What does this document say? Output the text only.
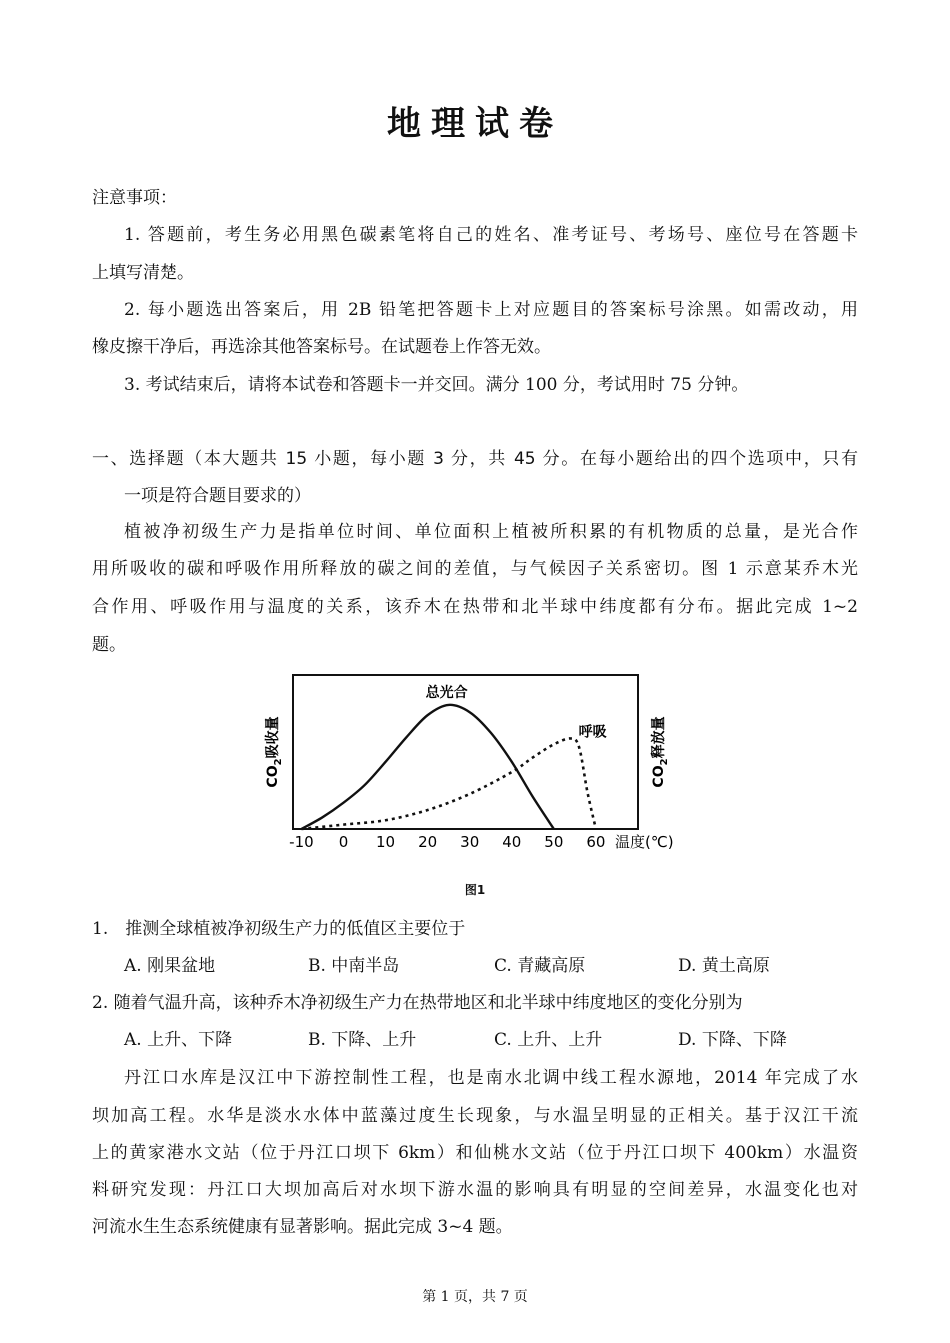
地理试卷
注意事项：
1. 答题前，考生务必用黑色碳素笔将自己的姓名、准考证号、考场号、座位号在答题卡
上填写清楚。
2. 每小题选出答案后，用 2B 铅笔把答题卡上对应题目的答案标号涂黑。如需改动，用
橡皮擦干净后，再选涂其他答案标号。在试题卷上作答无效。
3. 考试结束后，请将本试卷和答题卡一并交回。满分 100 分，考试用时 75 分钟。
一、选择题（本大题共 15 小题，每小题 3 分，共 45 分。在每小题给出的四个选项中，只有
一项是符合题目要求的）
植被净初级生产力是指单位时间、单位面积上植被所积累的有机物质的总量，是光合作
用所吸收的碳和呼吸作用所释放的碳之间的差值，与气候因子关系密切。图 1 示意某乔木光
合作用、呼吸作用与温度的关系，该乔木在热带和北半球中纬度都有分布。据此完成 1~2
题。
-10 0 10 20 30 40 50 60
总光合
呼吸
$CO_2$吸收量
$CO_2$释放量
温度(℃)
图1
1.　推测全球植被净初级生产力的低值区主要位于
A. 刚果盆地	B. 中南半岛	C. 青藏高原	D. 黄土高原
2. 随着气温升高，该种乔木净初级生产力在热带地区和北半球中纬度地区的变化分别为
A. 上升、下降	B. 下降、上升	C. 上升、上升	D. 下降、下降
丹江口水库是汉江中下游控制性工程，也是南水北调中线工程水源地，2014 年完成了水
坝加高工程。水华是淡水水体中蓝藻过度生长现象，与水温呈明显的正相关。基于汉江干流
上的黄家港水文站（位于丹江口坝下 6km）和仙桃水文站（位于丹江口坝下 400km）水温资
料研究发现：丹江口大坝加高后对水坝下游水温的影响具有明显的空间差异，水温变化也对
河流水生生态系统健康有显著影响。据此完成 3~4 题。
第 1 页，共 7 页
